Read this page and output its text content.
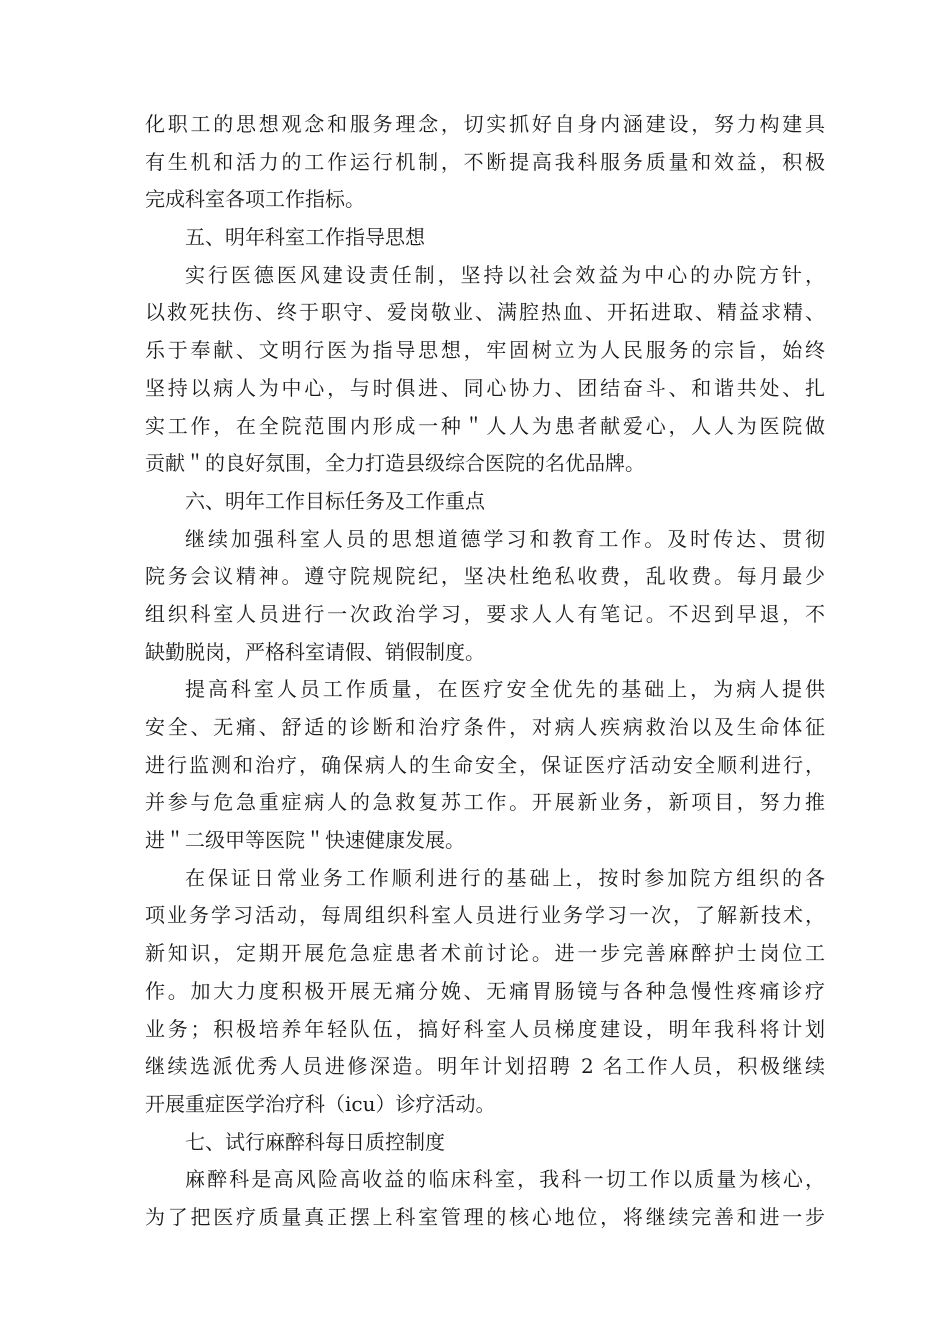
化职工的思想观念和服务理念，切实抓好自身内涵建设，努力构建具
有生机和活力的工作运行机制，不断提高我科服务质量和效益，积极
完成科室各项工作指标。
五、明年科室工作指导思想
实行医德医风建设责任制，坚持以社会效益为中心的办院方针，
以救死扶伤、终于职守、爱岗敬业、满腔热血、开拓进取、精益求精、
乐于奉献、文明行医为指导思想，牢固树立为人民服务的宗旨，始终
坚持以病人为中心，与时俱进、同心协力、团结奋斗、和谐共处、扎
实工作，在全院范围内形成一种＂人人为患者献爱心，人人为医院做
贡献＂的良好氛围，全力打造县级综合医院的名优品牌。
六、明年工作目标任务及工作重点
继续加强科室人员的思想道德学习和教育工作。及时传达、贯彻
院务会议精神。遵守院规院纪，坚决杜绝私收费，乱收费。每月最少
组织科室人员进行一次政治学习，要求人人有笔记。不迟到早退，不
缺勤脱岗，严格科室请假、销假制度。
提高科室人员工作质量，在医疗安全优先的基础上，为病人提供
安全、无痛、舒适的诊断和治疗条件，对病人疾病救治以及生命体征
进行监测和治疗，确保病人的生命安全，保证医疗活动安全顺利进行，
并参与危急重症病人的急救复苏工作。开展新业务，新项目，努力推
进＂二级甲等医院＂快速健康发展。
在保证日常业务工作顺利进行的基础上，按时参加院方组织的各
项业务学习活动，每周组织科室人员进行业务学习一次，了解新技术，
新知识，定期开展危急症患者术前讨论。进一步完善麻醉护士岗位工
作。加大力度积极开展无痛分娩、无痛胃肠镜与各种急慢性疼痛诊疗
业务；积极培养年轻队伍，搞好科室人员梯度建设，明年我科将计划
继续选派优秀人员进修深造。明年计划招聘 2 名工作人员，积极继续
开展重症医学治疗科（icu）诊疗活动。
七、试行麻醉科每日质控制度
麻醉科是高风险高收益的临床科室，我科一切工作以质量为核心，
为了把医疗质量真正摆上科室管理的核心地位，将继续完善和进一步
